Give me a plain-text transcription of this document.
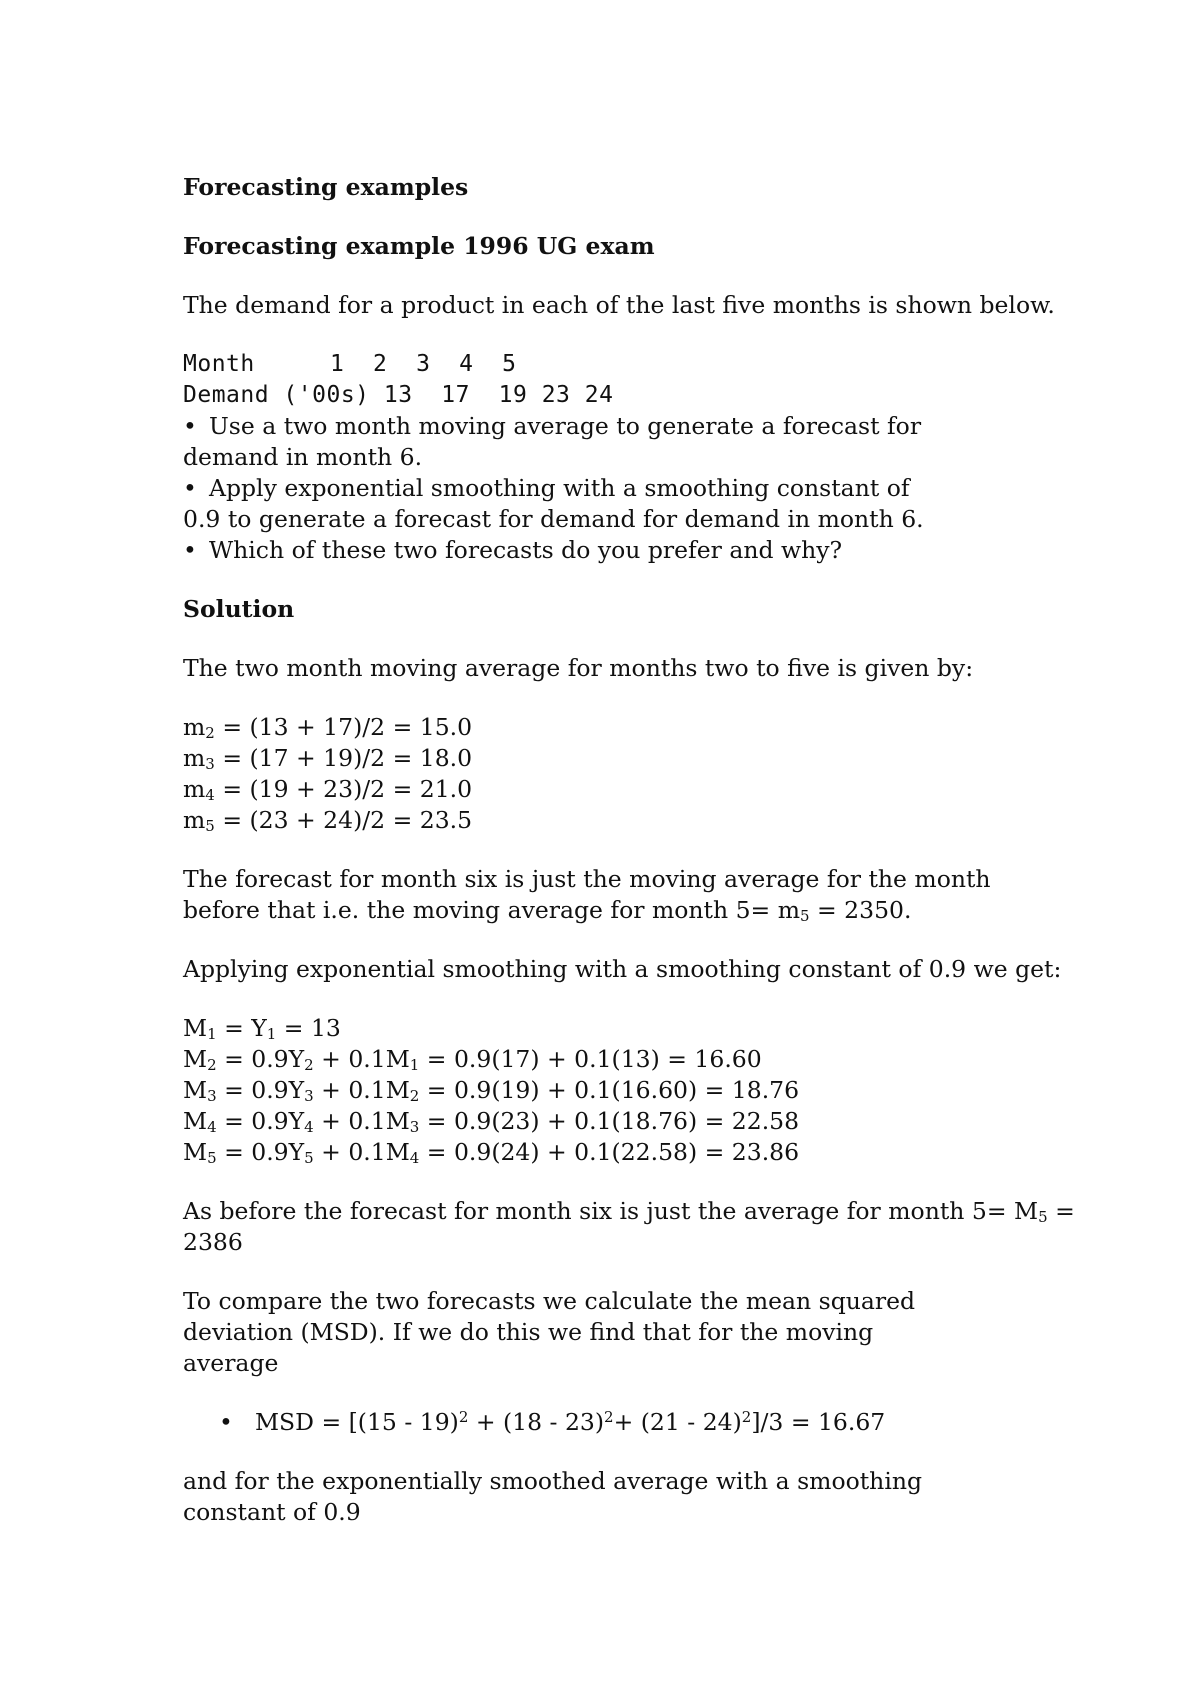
Forecasting examples
Forecasting example 1996 UG exam
The demand for a product in each of the last five months is shown below.
Month	1  2  3  4  5
Demand ('00s) 13  17  19 23 24
• Use a two month moving average to generate a forecast for demand in month 6.
• Apply exponential smoothing with a smoothing constant of 0.9 to generate a forecast for demand for demand in month 6.
• Which of these two forecasts do you prefer and why?
Solution
The two month moving average for months two to five is given by:
$m_2 = (13 + 17)/2 = 15.0$
$m_3 = (17 + 19)/2 = 18.0$
$m_4 = (19 + 23)/2 = 21.0$
$m_5 = (23 + 24)/2 = 23.5$
The forecast for month six is just the moving average for the month before that i.e. the moving average for month $5= m_5 = 2350$.
Applying exponential smoothing with a smoothing constant of 0.9 we get:
$M_1 = Y_1 = 13$
$M_2 = 0.9Y_2 + 0.1M_1 = 0.9(17) + 0.1(13) = 16.60$
$M_3 = 0.9Y_3 + 0.1M_2 = 0.9(19) + 0.1(16.60) = 18.76$
$M_4 = 0.9Y_4 + 0.1M_3 = 0.9(23) + 0.1(18.76) = 22.58$
$M_5 = 0.9Y_5 + 0.1M_4 = 0.9(24) + 0.1(22.58) = 23.86$
As before the forecast for month six is just the average for month $5= M_5$ =
2386
To compare the two forecasts we calculate the mean squared deviation (MSD). If we do this we find that for the moving average
• MSD = [(15 - 19)$^2$ + (18 - 23)$^2$+ (21 - 24)$^2$]/3 = 16.67
and for the exponentially smoothed average with a smoothing constant of 0.9
